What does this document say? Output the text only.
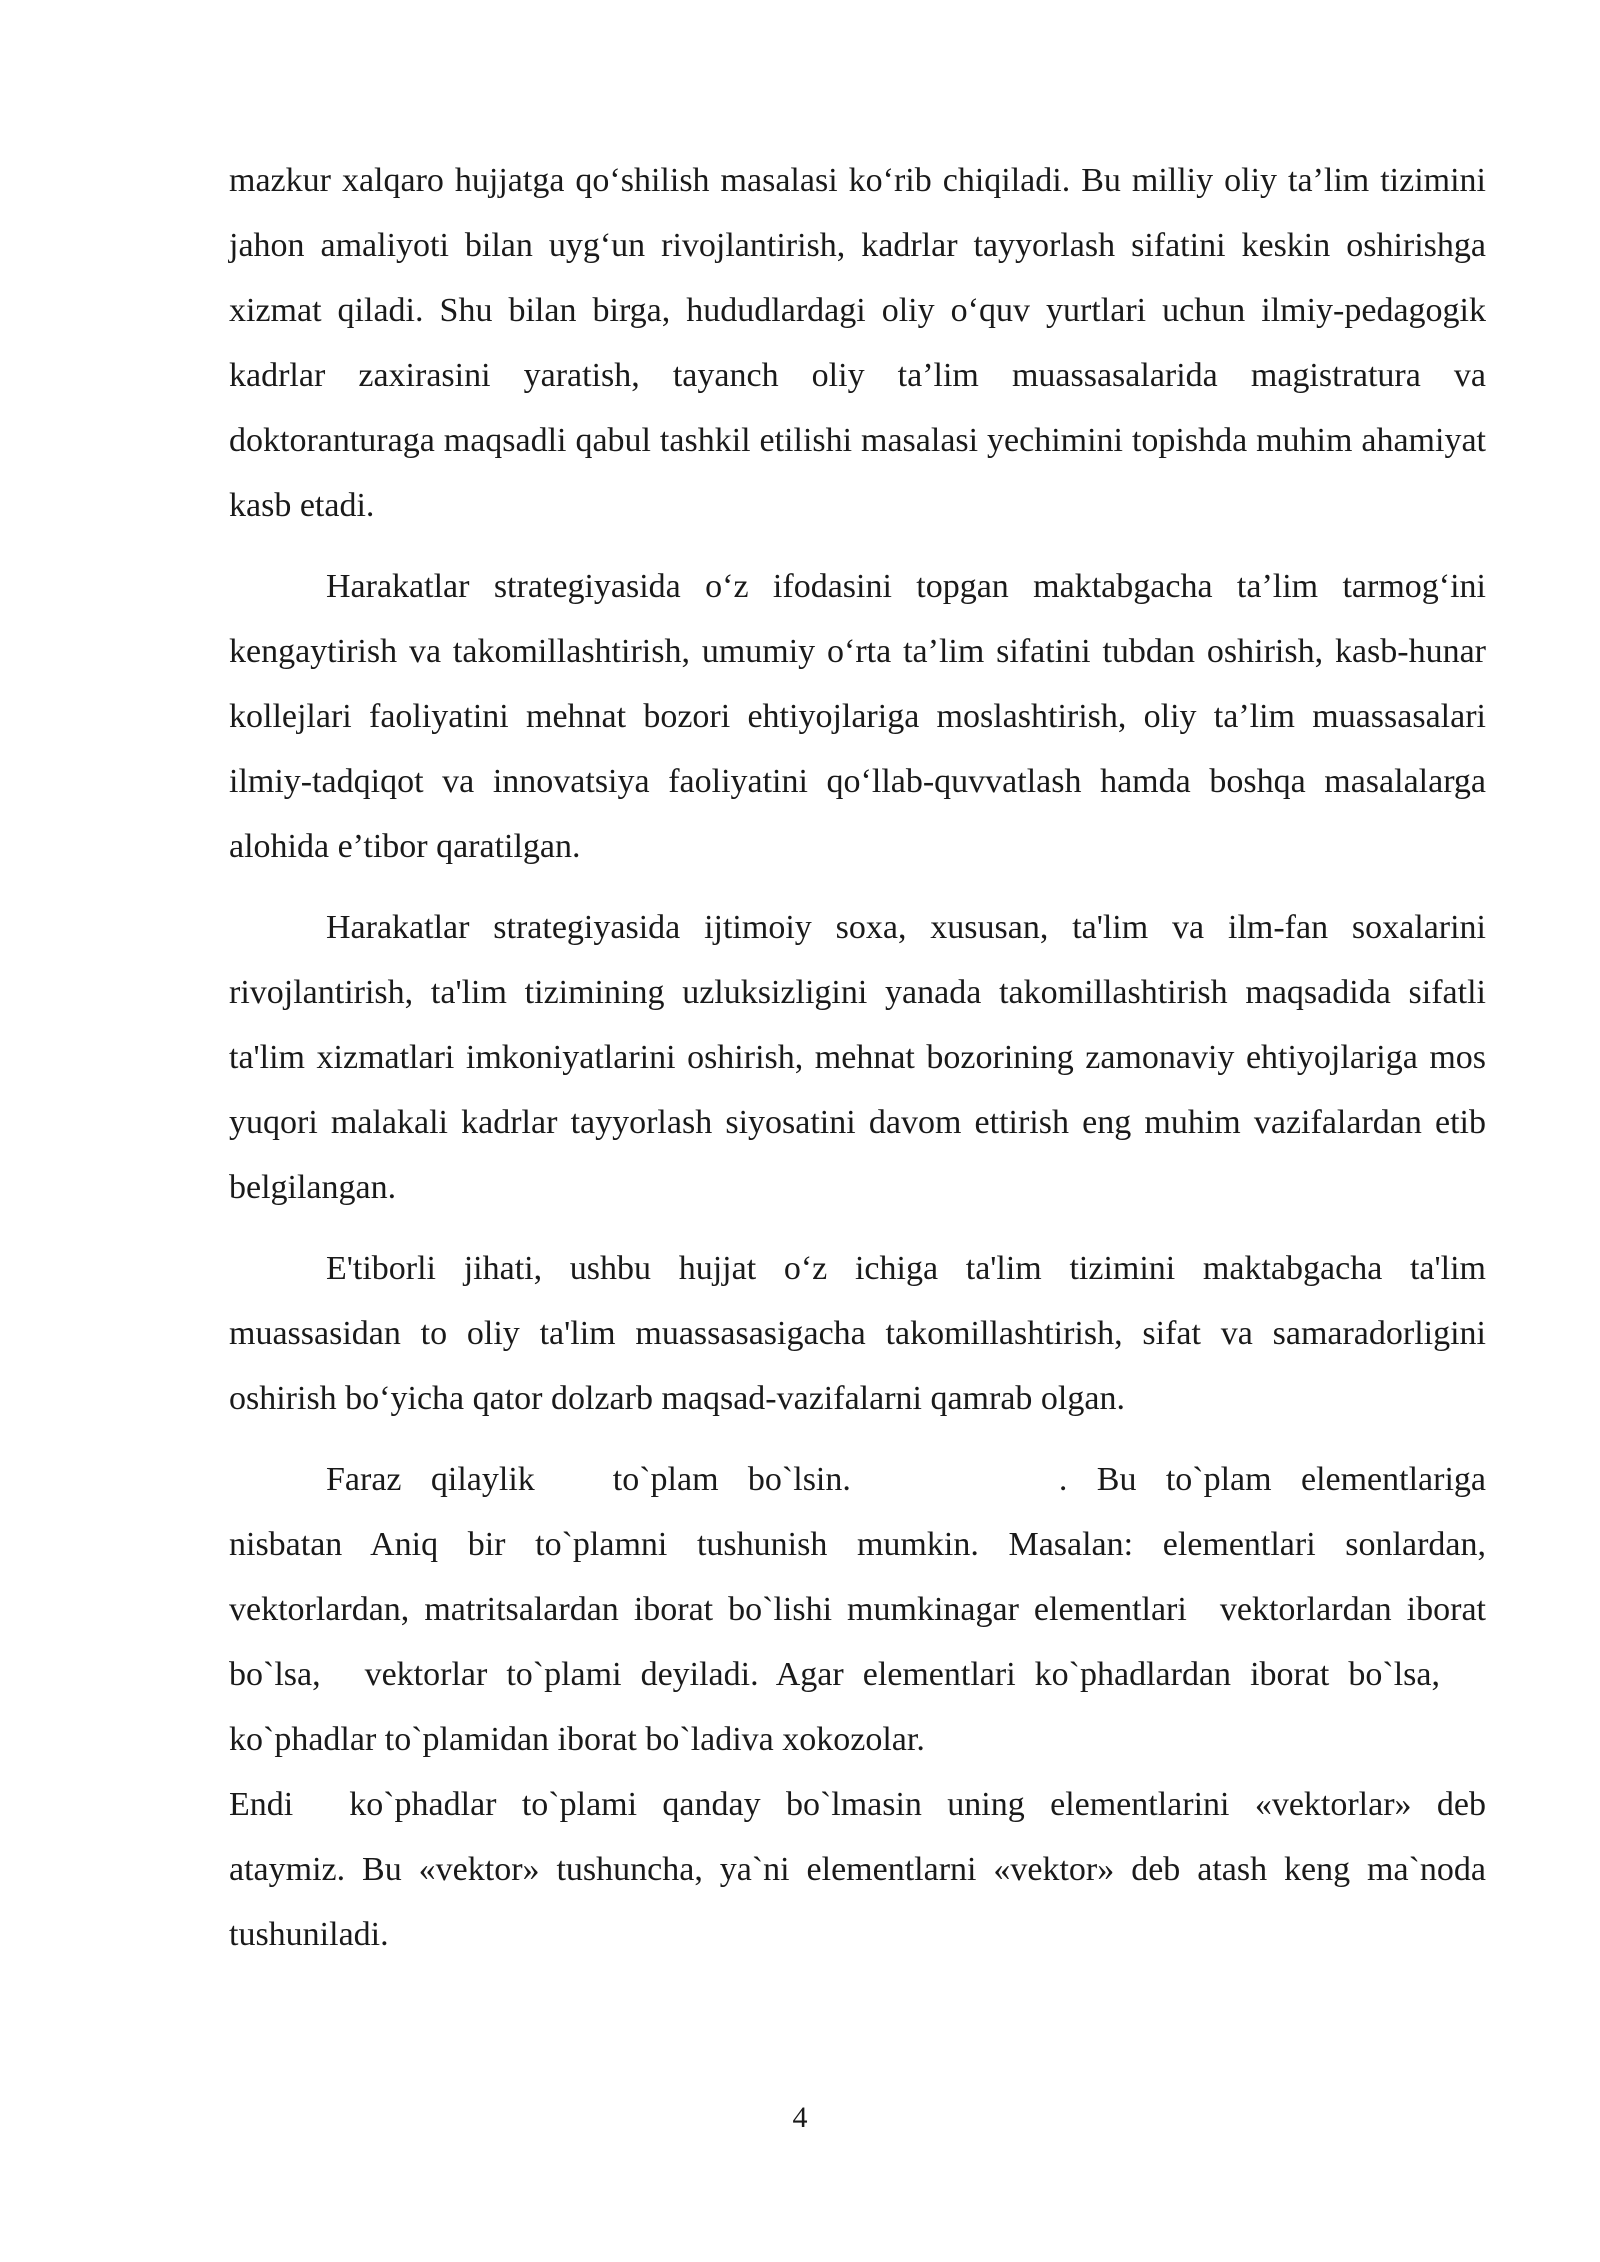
mazkur xalqaro hujjatga qo‘shilish masalasi ko‘rib chiqiladi. Bu milliy oliy ta’lim tizimini jahon amaliyoti bilan uyg‘un rivojlantirish, kadrlar tayyorlash sifatini keskin oshirishga xizmat qiladi. Shu bilan birga, hududlardagi oliy o‘quv yurtlari uchun ilmiy-pedagogik kadrlar zaxirasini yaratish, tayanch oliy ta’lim muassasalarida magistratura va doktoranturaga maqsadli qabul tashkil etilishi masalasi yechimini topishda muhim ahamiyat kasb etadi.

Harakatlar strategiyasida o‘z ifodasini topgan maktabgacha ta’lim tarmog‘ini kengaytirish va takomillashtirish, umumiy o‘rta ta’lim sifatini tubdan oshirish, kasb-hunar kollejlari faoliyatini mehnat bozori ehtiyojlariga moslashtirish, oliy ta’lim muassasalari ilmiy-tadqiqot va innovatsiya faoliyatini qo‘llab-quvvatlash hamda boshqa masalalarga alohida e’tibor qaratilgan.

Harakatlar strategiyasida ijtimoiy soxa, xususan, ta'lim va ilm-fan soxalarini rivojlantirish, ta'lim tizimining uzluksizligini yanada takomillashtirish maqsadida sifatli ta'lim xizmatlari imkoniyatlarini oshirish, mehnat bozorining zamonaviy ehtiyojlariga mos yuqori malakali kadrlar tayyorlash siyosatini davom ettirish eng muhim vazifalardan etib belgilangan.

E'tiborli jihati, ushbu hujjat o‘z ichiga ta'lim tizimini maktabgacha ta'lim muassasidan to oliy ta'lim muassasasigacha takomillashtirish, sifat va samaradorligini oshirish bo‘yicha qator dolzarb maqsad-vazifalarni qamrab olgan.

Faraz qilaylik to`plam bo`lsin.	. Bu to`plam elementlariga nisbatan Aniq bir to`plamni tushunish mumkin. Masalan: elementlari sonlardan, vektorlardan, matritsalardan iborat bo`lishi mumkinagar elementlari vektorlardan iborat bo`lsa, vektorlar to`plami deyiladi. Agar elementlari ko`phadlardan iborat bo`lsa,ko`phadlar to`plamidan iborat bo`ladiva xokozolar.

Endi ko`phadlar to`plami qanday bo`lmasin uning elementlarini «vektorlar» deb ataymiz. Bu «vektor» tushuncha, ya`ni elementlarni «vektor» deb atash keng ma`noda tushuniladi.

4
